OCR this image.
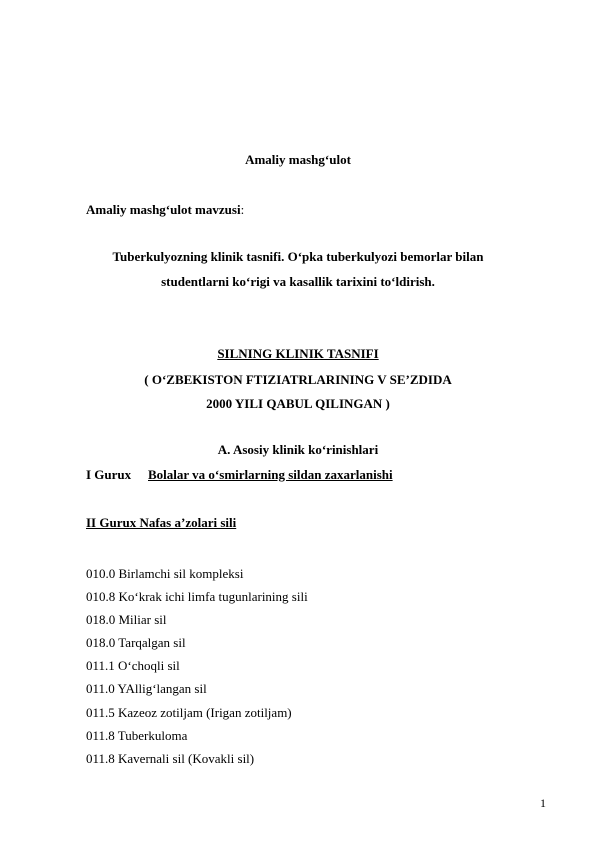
Amaliy mashg‘ulot
Amaliy mashg‘ulot mavzusi:
Tuberkulyozning klinik tasnifi. O‘pka tuberkulyozi bemorlar bilan
studentlarni ko‘rigi va kasallik tarixini to‘ldirish.
SILNING KLINIK TASNIFI
( O‘ZBEKISTON FTIZIATRLARINING V SE’ZDIDA
2000 YILI QABUL QILINGAN )
A. Asosiy klinik ko‘rinishlari
I Gurux Bolalar va o‘smirlarning sildan zaxarlanishi
II Gurux Nafas a’zolari sili
010.0 Birlamchi sil kompleksi
010.8 Ko‘krak ichi limfa tugunlarining sili
018.0 Miliar sil
018.0 Tarqalgan sil
011.1 O‘choqli sil
011.0 YAllig‘langan sil
011.5 Kazeoz zotiljam (Irigan zotiljam)
011.8 Tuberkuloma
011.8 Kavernali sil (Kovakli sil)
1
